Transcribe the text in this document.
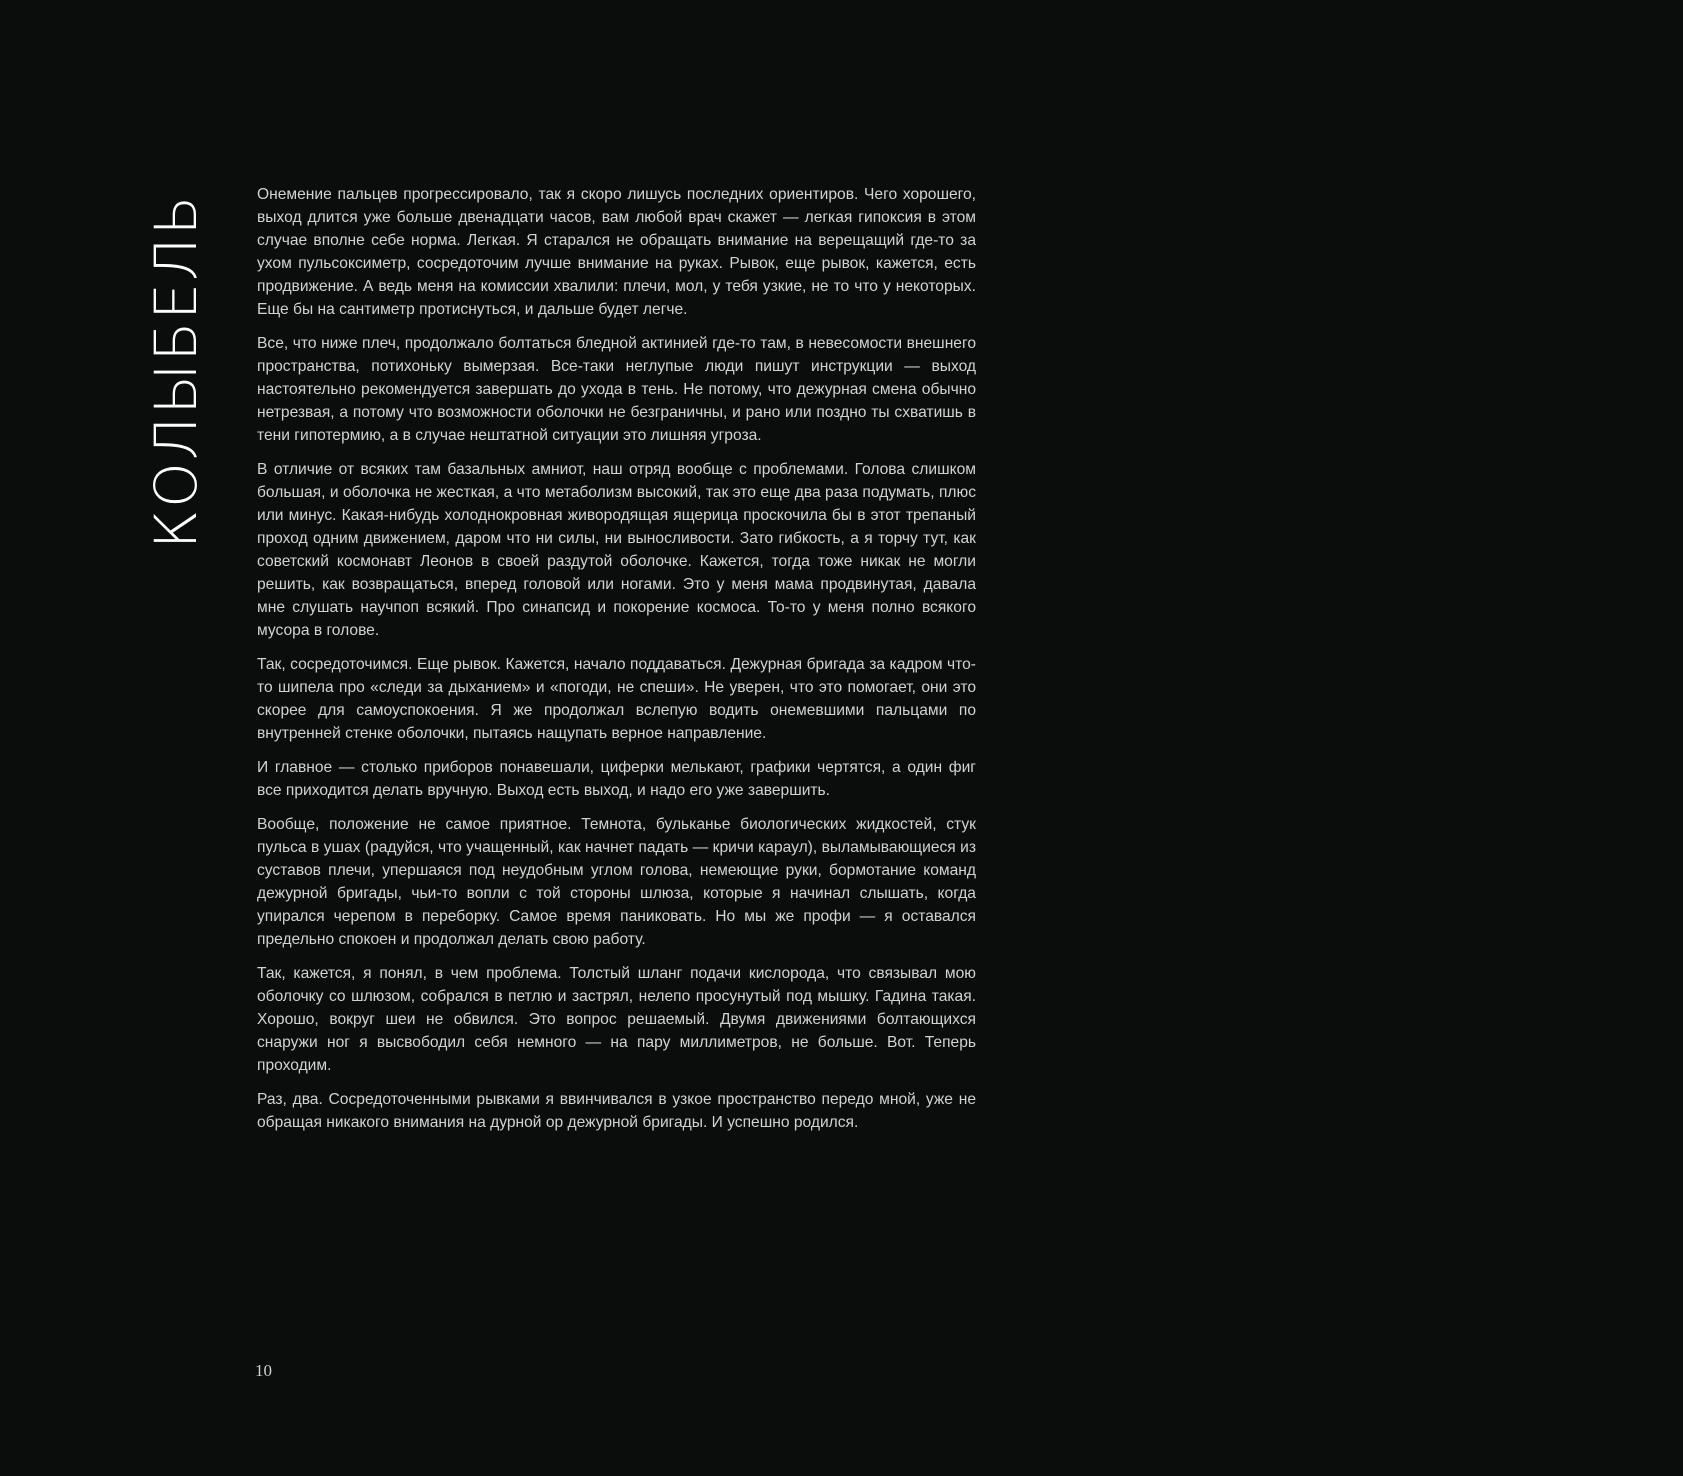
КОЛЫБЕЛЬ	Онемение пальцев прогрессировало, так я скоро лишусь последних ориентиров. Чего хорошего, выход длится уже больше двенадцати часов, вам любой врач скажет — легкая гипоксия в этом случае вполне себе норма. Легкая. Я старался не обращать внимание на верещащий где-то за ухом пульсоксиметр, сосредоточим лучше внимание на руках. Рывок, еще рывок, кажется, есть продвижение. А ведь меня на комиссии хвалили: плечи, мол, у тебя узкие, не то что у некоторых. Еще бы на сантиметр протиснуться, и дальше будет легче.

Все, что ниже плеч, продолжало болтаться бледной актинией где-то там, в невесомости внешнего пространства, потихоньку вымерзая. Все-таки неглупые люди пишут инструкции — выход настоятельно рекомендуется завершать до ухода в тень. Не потому, что дежурная смена обычно нетрезвая, а потому что возможности оболочки не безграничны, и рано или поздно ты схватишь в тени гипотермию, а в случае нештатной ситуации это лишняя угроза.

В отличие от всяких там базальных амниот, наш отряд вообще с проблемами. Голова слишком большая, и оболочка не жесткая, а что метаболизм высокий, так это еще два раза подумать, плюс или минус. Какая-нибудь холоднокровная живородящая ящерица проскочила бы в этот трепаный проход одним движением, даром что ни силы, ни выносливости. Зато гибкость, а я торчу тут, как советский космонавт Леонов в своей раздутой оболочке. Кажется, тогда тоже никак не могли решить, как возвращаться, вперед головой или ногами. Это у меня мама продвинутая, давала мне слушать научпоп всякий. Про синапсид и покорение космоса. То-то у меня полно всякого мусора в голове.

Так, сосредоточимся. Еще рывок. Кажется, начало поддаваться. Дежурная бригада за кадром что-то шипела про «следи за дыханием» и «погоди, не спеши». Не уверен, что это помогает, они это скорее для самоуспокоения. Я же продолжал вслепую водить онемевшими пальцами по внутренней стенке оболочки, пытаясь нащупать верное направление.

И главное — столько приборов понавешали, циферки мелькают, графики чертятся, а один фиг все приходится делать вручную. Выход есть выход, и надо его уже завершить.

Вообще, положение не самое приятное. Темнота, бульканье биологических жидкостей, стук пульса в ушах (радуйся, что учащенный, как начнет падать — кричи караул), выламывающиеся из суставов плечи, упершаяся под неудобным углом голова, немеющие руки, бормотание команд дежурной бригады, чьи-то вопли с той стороны шлюза, которые я начинал слышать, когда упирался черепом в переборку. Самое время паниковать. Но мы же профи — я оставался предельно спокоен и продолжал делать свою работу.

Так, кажется, я понял, в чем проблема. Толстый шланг подачи кислорода, что связывал мою оболочку со шлюзом, собрался в петлю и застрял, нелепо просунутый под мышку. Гадина такая. Хорошо, вокруг шеи не обвился. Это вопрос решаемый. Двумя движениями болтающихся снаружи ног я высвободил себя немного — на пару миллиметров, не больше. Вот. Теперь проходим.

Раз, два. Сосредоточенными рывками я ввинчивался в узкое пространство передо мной, уже не обращая никакого внимания на дурной ор дежурной бригады. И успешно родился.

10
